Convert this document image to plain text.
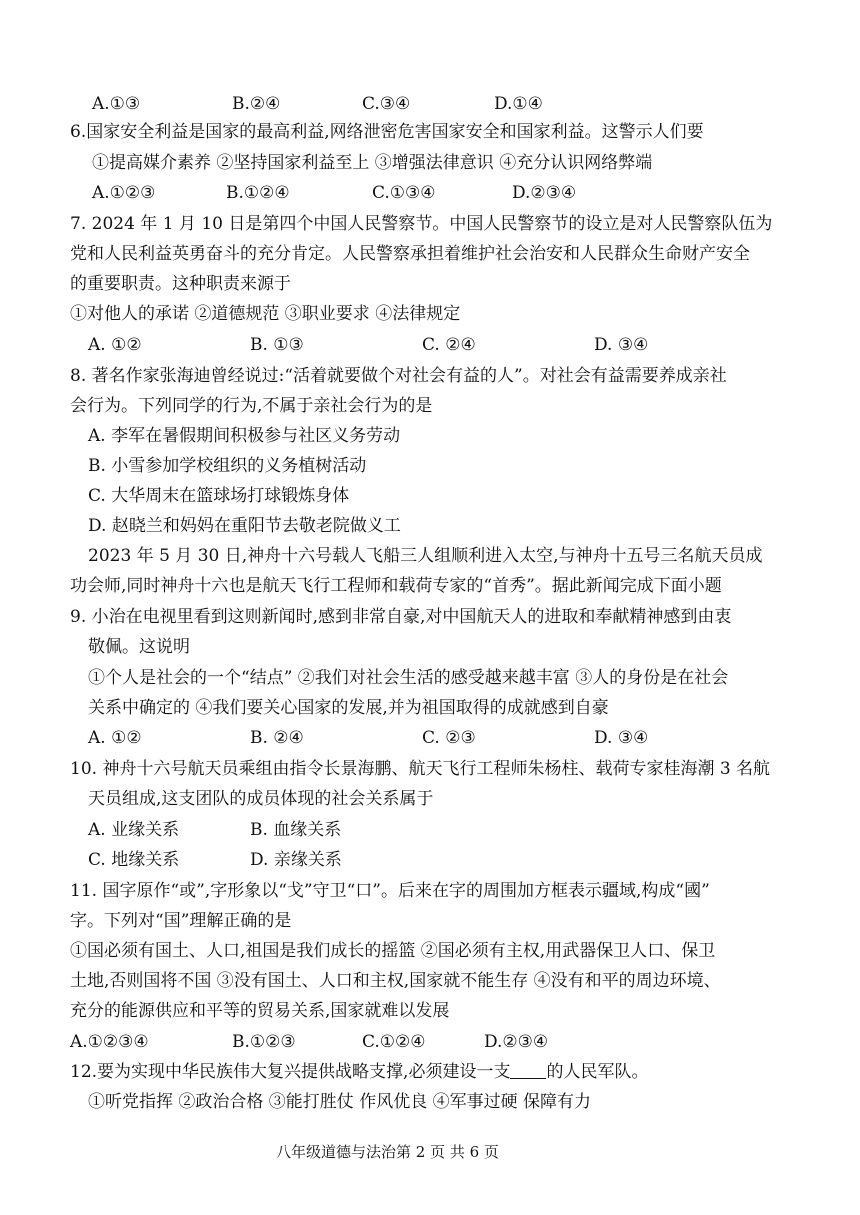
A.①③	B.②④	C.③④	D.①④
6.国家安全利益是国家的最高利益,网络泄密危害国家安全和国家利益。这警示人们要
①提高媒介素养 ②坚持国家利益至上 ③增强法律意识 ④充分认识网络弊端
A.①②③	B.①②④	C.①③④	D.②③④
7. 2024 年 1 月 10 日是第四个中国人民警察节。中国人民警察节的设立是对人民警察队伍为
党和人民利益英勇奋斗的充分肯定。人民警察承担着维护社会治安和人民群众生命财产安全
的重要职责。这种职责来源于
①对他人的承诺 ②道德规范 ③职业要求 ④法律规定
A. ①②	B. ①③	C. ②④	D. ③④
8. 著名作家张海迪曾经说过:“活着就要做个对社会有益的人”。对社会有益需要养成亲社
会行为。下列同学的行为,不属于亲社会行为的是
A. 李军在暑假期间积极参与社区义务劳动
B. 小雪参加学校组织的义务植树活动
C. 大华周末在篮球场打球锻炼身体
D. 赵晓兰和妈妈在重阳节去敬老院做义工
2023 年 5 月 30 日,神舟十六号载人飞船三人组顺利进入太空,与神舟十五号三名航天员成
功会师,同时神舟十六也是航天飞行工程师和载荷专家的“首秀”。据此新闻完成下面小题
9. 小治在电视里看到这则新闻时,感到非常自豪,对中国航天人的进取和奉献精神感到由衷
敬佩。这说明
①个人是社会的一个“结点” ②我们对社会生活的感受越来越丰富 ③人的身份是在社会
关系中确定的 ④我们要关心国家的发展,并为祖国取得的成就感到自豪
A. ①②	B. ②④	C. ②③	D. ③④
10. 神舟十六号航天员乘组由指令长景海鹏、航天飞行工程师朱杨柱、载荷专家桂海潮 3 名航
天员组成,这支团队的成员体现的社会关系属于
A. 业缘关系	B. 血缘关系
C. 地缘关系	D. 亲缘关系
11. 国字原作“或”,字形象以“戈”守卫“口”。后来在字的周围加方框表示疆域,构成“國”
字。下列对“国”理解正确的是
①国必须有国土、人口,祖国是我们成长的摇篮 ②国必须有主权,用武器保卫人口、保卫
土地,否则国将不国 ③没有国土、人口和主权,国家就不能生存 ④没有和平的周边环境、
充分的能源供应和平等的贸易关系,国家就难以发展
A.①②③④	B.①②③	C.①②④	D.②③④
12.要为实现中华民族伟大复兴提供战略支撑,必须建设一支 的人民军队。
①听党指挥 ②政治合格 ③能打胜仗 作风优良 ④军事过硬 保障有力
八年级道德与法治第 2 页 共 6 页
